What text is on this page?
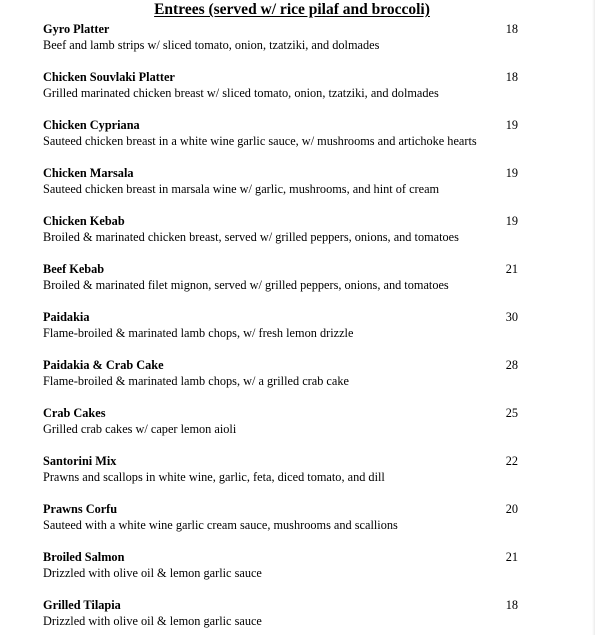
Entrees (served w/ rice pilaf and broccoli)
Gyro Platter	18
Beef and lamb strips w/ sliced tomato, onion, tzatziki, and dolmades
Chicken Souvlaki Platter	18
Grilled marinated chicken breast w/ sliced tomato, onion, tzatziki, and dolmades
Chicken Cypriana	19
Sauteed chicken breast in a white wine garlic sauce, w/ mushrooms and artichoke hearts
Chicken Marsala	19
Sauteed chicken breast in marsala wine w/ garlic, mushrooms, and hint of cream
Chicken Kebab	19
Broiled & marinated chicken breast, served w/ grilled peppers, onions, and tomatoes
Beef Kebab	21
Broiled & marinated filet mignon, served w/ grilled peppers, onions, and tomatoes
Paidakia	30
Flame-broiled & marinated lamb chops, w/ fresh lemon drizzle
Paidakia & Crab Cake	28
Flame-broiled & marinated lamb chops, w/ a grilled crab cake
Crab Cakes	25
Grilled crab cakes w/ caper lemon aioli
Santorini Mix	22
Prawns and scallops in white wine, garlic, feta, diced tomato, and dill
Prawns Corfu	20
Sauteed with a white wine garlic cream sauce, mushrooms and scallions
Broiled Salmon	21
Drizzled with olive oil & lemon garlic sauce
Grilled Tilapia	18
Drizzled with olive oil & lemon garlic sauce
